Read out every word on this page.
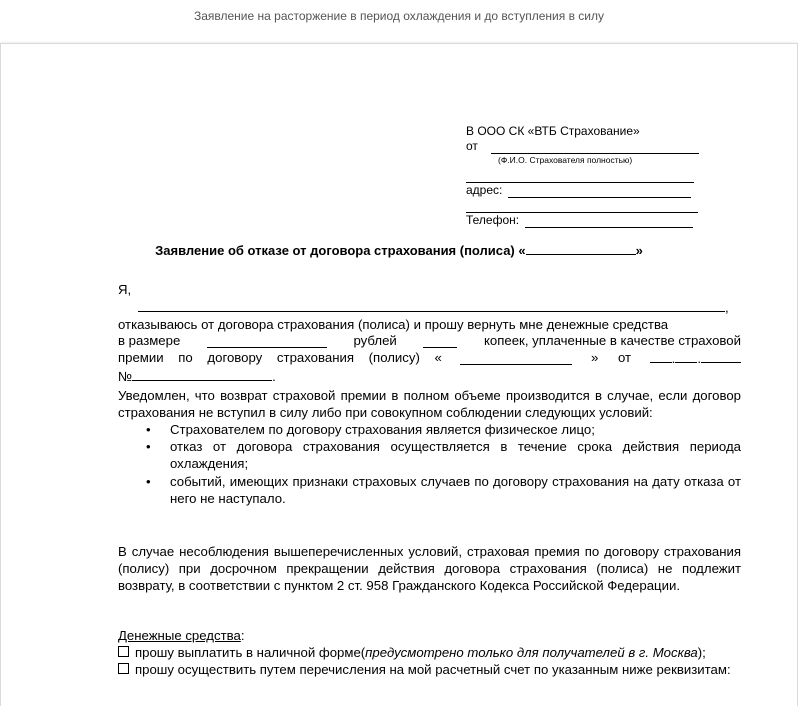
Заявление на расторжение в период охлаждения и до вступления в силу
В ООО СК «ВТБ Страхование»
от
(Ф.И.О. Страхователя полностью)
адрес:
Телефон:
Заявление об отказе от договора страхования (полиса) «	»
Я, ,
отказываюсь от договора страхования (полиса) и прошу вернуть мне денежные средства
в размере	рублей	копеек, уплаченные в качестве страховой
премии по договору страхования (полису) «	» от	. .
№	.
Уведомлен, что возврат страховой премии в полном объеме производится в случае, если договор страхования не вступил в силу либо при совокупном соблюдении следующих условий:
• Страхователем по договору страхования является физическое лицо;
• отказ от договора страхования осуществляется в течение срока действия периода охлаждения;
• событий, имеющих признаки страховых случаев по договору страхования на дату отказа от него не наступало.
В случае несоблюдения вышеперечисленных условий, страховая премия по договору страхования (полису) при досрочном прекращении действия договора страхования (полиса) не подлежит возврату, в соответствии с пунктом 2 ст. 958 Гражданского Кодекса Российской Федерации.
Денежные средства:
прошу выплатить в наличной форме(предусмотрено только для получателей в г. Москва);
прошу осуществить путем перечисления на мой расчетный счет по указанным ниже реквизитам:
